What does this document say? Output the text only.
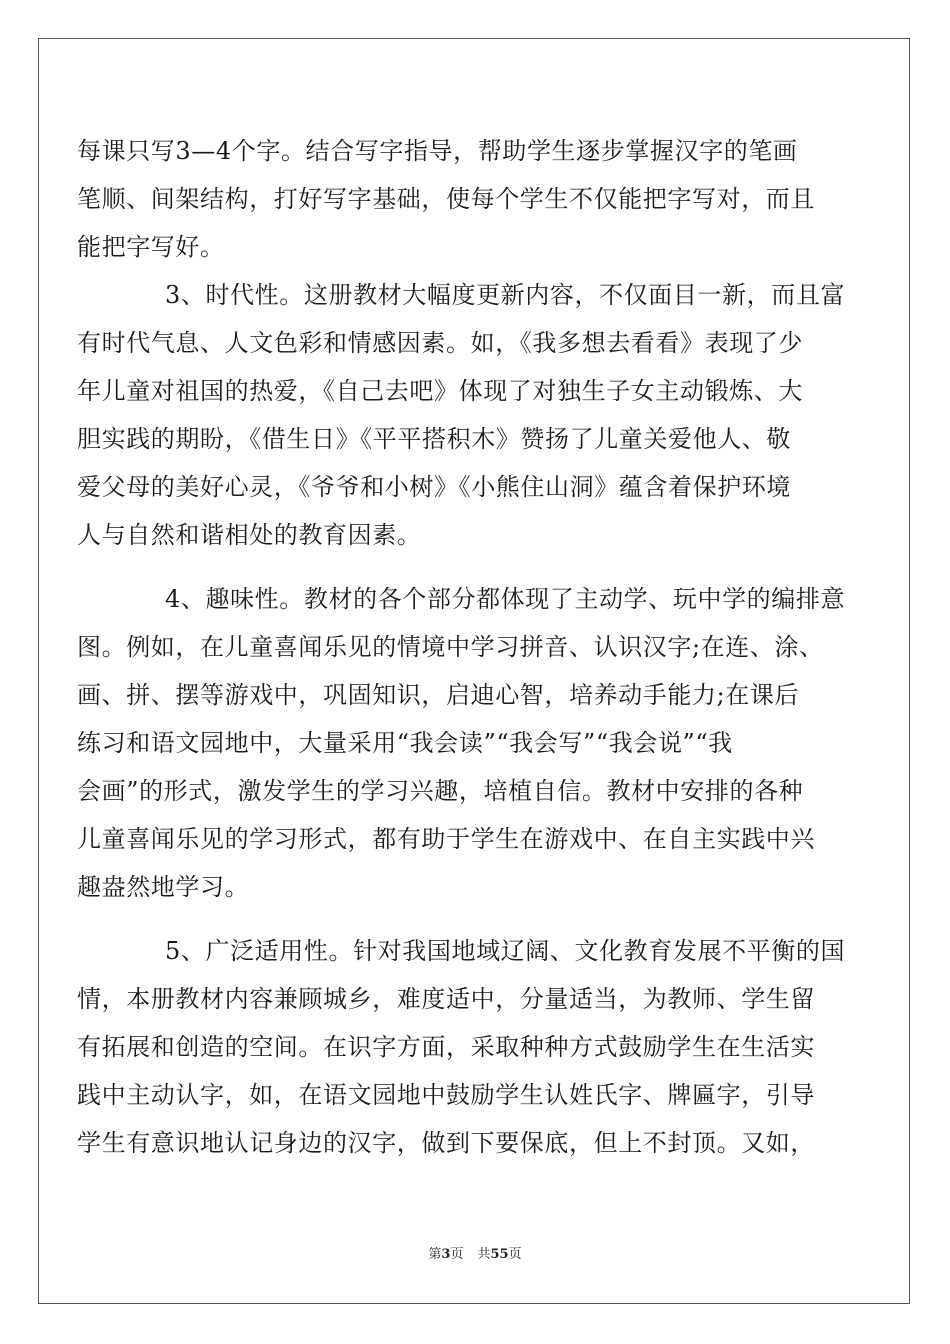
每课只写3—4个字。结合写字指导，帮助学生逐步掌握汉字的笔画
笔顺、间架结构，打好写字基础，使每个学生不仅能把字写对，而且
能把字写好。
3、时代性。这册教材大幅度更新内容，不仅面目一新，而且富
有时代气息、人文色彩和情感因素。如，《我多想去看看》表现了少
年儿童对祖国的热爱，《自己去吧》体现了对独生子女主动锻炼、大
胆实践的期盼，《借生日》《平平搭积木》赞扬了儿童关爱他人、敬
爱父母的美好心灵，《爷爷和小树》《小熊住山洞》蕴含着保护环境
人与自然和谐相处的教育因素。
4、趣味性。教材的各个部分都体现了主动学、玩中学的编排意
图。例如，在儿童喜闻乐见的情境中学习拼音、认识汉字;在连、涂、
画、拼、摆等游戏中，巩固知识，启迪心智，培养动手能力;在课后
练习和语文园地中，大量采用“我会读”“我会写”“我会说”“我
会画”的形式，激发学生的学习兴趣，培植自信。教材中安排的各种
儿童喜闻乐见的学习形式，都有助于学生在游戏中、在自主实践中兴
趣盎然地学习。
5、广泛适用性。针对我国地域辽阔、文化教育发展不平衡的国
情，本册教材内容兼顾城乡，难度适中，分量适当，为教师、学生留
有拓展和创造的空间。在识字方面，采取种种方式鼓励学生在生活实
践中主动认字，如，在语文园地中鼓励学生认姓氏字、牌匾字，引导
学生有意识地认记身边的汉字，做到下要保底，但上不封顶。又如，
第3页 共55页
